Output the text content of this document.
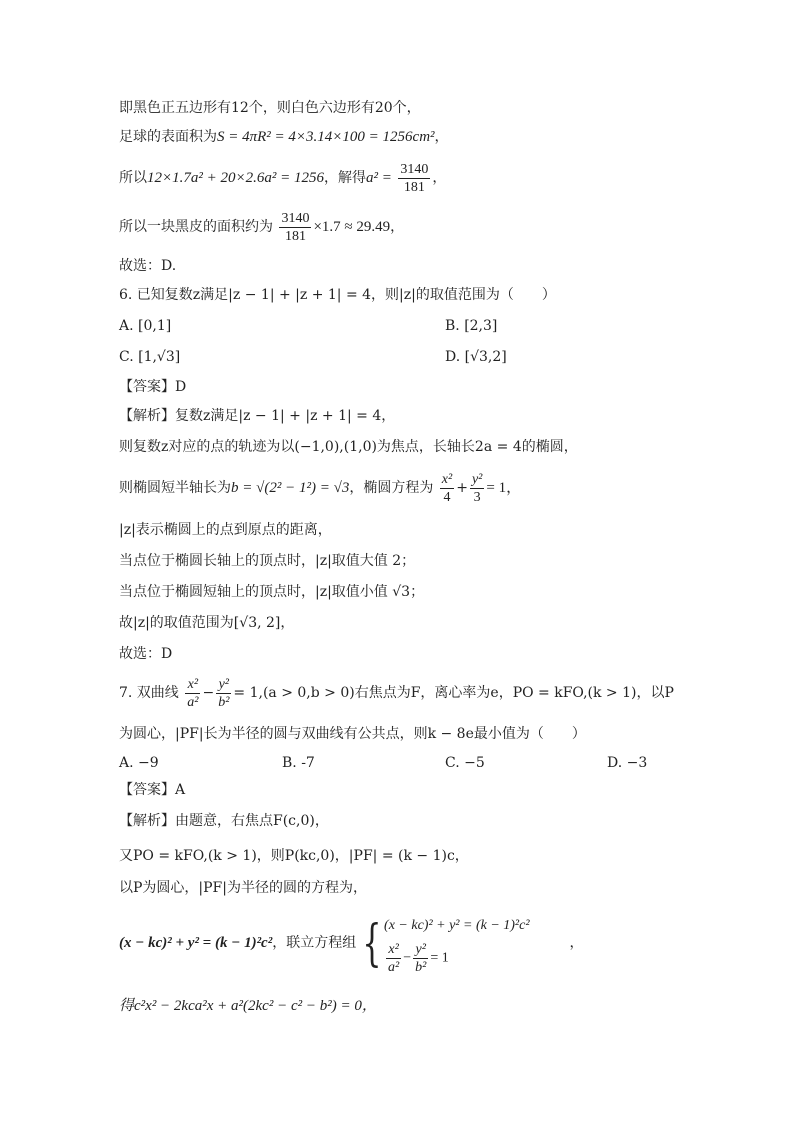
即黑色正五边形有12个，则白色六边形有20个，
足球的表面积为S = 4πR² = 4×3.14×100 = 1256cm²，
所以12×1.7a² + 20×2.6a² = 1256，解得$a^2 = \frac{3140}{181}$ ，
所以一块黑皮的面积约为 $\frac{3140}{181} \times 1.7 \approx 29.49$，
故选：D.
6. 已知复数z满足|z − 1| + |z + 1| = 4，则|z|的取值范围为（　　）
A. [0,1]	B. [2,3]
C. [1,√3]	D. [√3,2]
【答案】D
【解析】复数z满足|z − 1| + |z + 1| = 4，
则复数z对应的点的轨迹为以(−1,0),(1,0)为焦点，长轴长2a = 4的椭圆，
则椭圆短半轴长为b = √(2² − 1²) = √3，椭圆方程为 $\frac{\text{x²}}{4} + \frac{\text{y²}}{3} = 1$，
|z|表示椭圆上的点到原点的距离，
当点位于椭圆长轴上的顶点时，|z|取值大值 2；
当点位于椭圆短轴上的顶点时，|z|取值小值 √3；
故|z|的取值范围为[√3, 2]，
故选：D
7. 双曲线 $\frac{\text{x²}}{\text{a²}} - \frac{\text{y²}}{\text{b²}} = 1,(a > 0,b > 0)$右焦点为F，离心率为e，PO = kFO,(k > 1)，以P
为圆心，|PF|长为半径的圆与双曲线有公共点，则k − 8e最小值为（　　）
A. −9	B. -7	C. −5	D. −3
【答案】A
【解析】由题意，右焦点F(c,0)，
又PO = kFO,(k > 1)，则P(kc,0)，|PF| = (k − 1)c，
以P为圆心，|PF|为半径的圆的方程为，
(x − kc)² + y² = (k − 1)²c²，联立方程组 { (x − kc)² + y² = (k − 1)²c²
$\frac{\text{x²}}{\text{a²}} - \frac{\text{y²}}{\text{b²}} = 1$
，
得c²x² − 2kca²x + a²(2kc² − c² − b²) = 0，
